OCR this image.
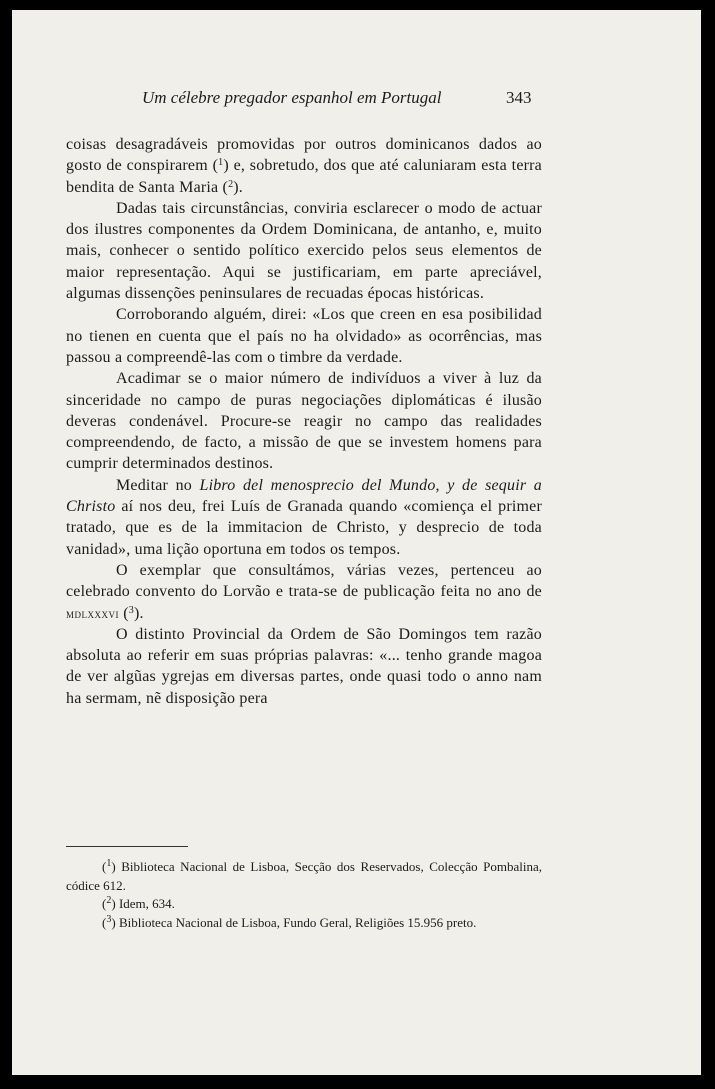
Um célebre pregador espanhol em Portugal	343

coisas desagradáveis promovidas por outros dominicanos dados ao gosto de conspirarem ($^1$) e, sobretudo, dos que até caluniaram esta terra bendita de Santa Maria ($^2$).

Dadas tais circunstâncias, conviria esclarecer o modo de actuar dos ilustres componentes da Ordem Dominicana, de antanho, e, muito mais, conhecer o sentido político exercido pelos seus elementos de maior representação. Aqui se justificariam, em parte apreciável, algumas dissenções peninsulares de recuadas épocas históricas.

Corroborando alguém, direi: «Los que creen en esa posibilidad no tienen en cuenta que el país no ha olvidado» as ocorrências, mas passou a compreendê-las com o timbre da verdade.

Acadimar se o maior número de indivíduos a viver à luz da sinceridade no campo de puras negociações diplomáticas é ilusão deveras condenável. Procure-se reagir no campo das realidades compreendendo, de facto, a missão de que se investem homens para cumprir determinados destinos.

Meditar no Libro del menosprecio del Mundo, y de sequir a Christo aí nos deu, frei Luís de Granada quando «comiença el primer tratado, que es de la immitacion de Christo, y desprecio de toda vanidad», uma lição oportuna em todos os tempos.

O exemplar que consultámos, várias vezes, pertenceu ao celebrado convento do Lorvão e trata-se de publicação feita no ano de mdlxxxvi ($^3$).

O distinto Provincial da Ordem de São Domingos tem razão absoluta ao referir em suas próprias palavras: «... tenho grande magoa de ver algũas ygrejas em diversas partes, onde quasi todo o anno nam ha sermam, nẽ disposição pera

($^1$) Biblioteca Nacional de Lisboa, Secção dos Reservados, Colecção Pombalina, códice 612.

($^2$) Idem, 634.

($^3$) Biblioteca Nacional de Lisboa, Fundo Geral, Religiões 15.956 preto.
